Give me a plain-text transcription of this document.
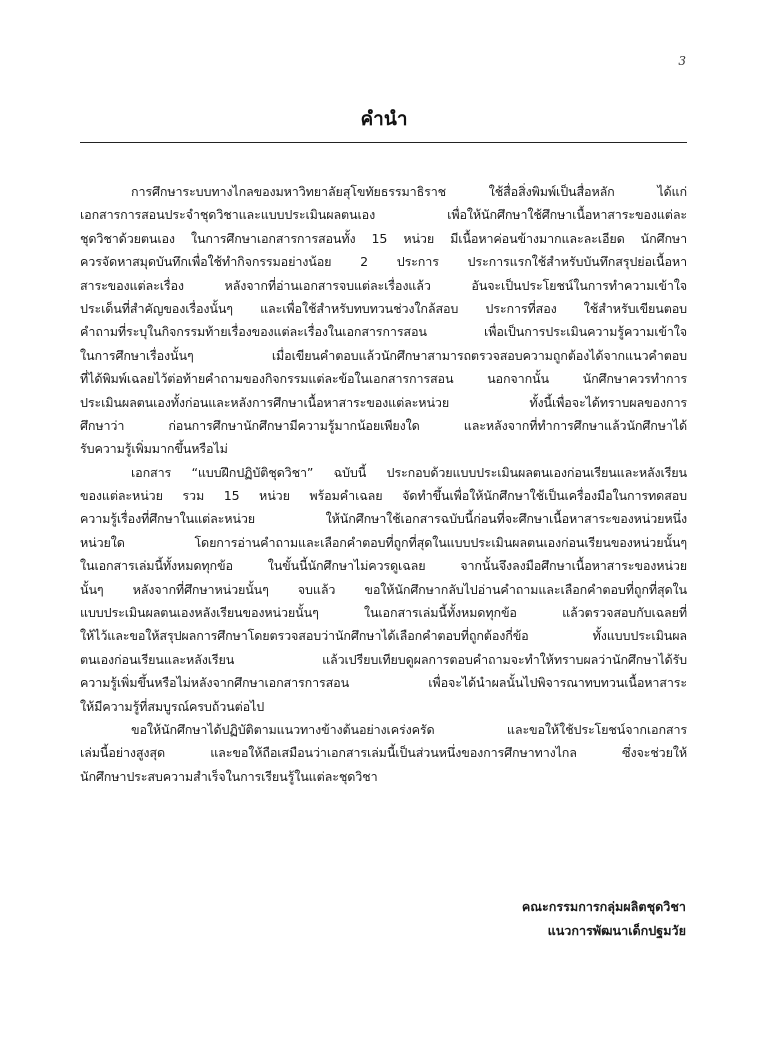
3
คำนำ
การศึกษาระบบทางไกลของมหาวิทยาลัยสุโขทัยธรรมาธิราช ใช้สื่อสิ่งพิมพ์เป็นสื่อหลัก ได้แก่
เอกสารการสอนประจำชุดวิชาและแบบประเมินผลตนเอง เพื่อให้นักศึกษาใช้ศึกษาเนื้อหาสาระของแต่ละ
ชุดวิชาด้วยตนเอง ในการศึกษาเอกสารการสอนทั้ง 15 หน่วย มีเนื้อหาค่อนข้างมากและละเอียด นักศึกษา
ควรจัดหาสมุดบันทึกเพื่อใช้ทำกิจกรรมอย่างน้อย 2 ประการ ประการแรกใช้สำหรับบันทึกสรุปย่อเนื้อหา
สาระของแต่ละเรื่อง หลังจากที่อ่านเอกสารจบแต่ละเรื่องแล้ว อันจะเป็นประโยชน์ในการทำความเข้าใจ
ประเด็นที่สำคัญของเรื่องนั้นๆ และเพื่อใช้สำหรับทบทวนช่วงใกล้สอบ ประการที่สอง ใช้สำหรับเขียนตอบ
คำถามที่ระบุในกิจกรรมท้ายเรื่องของแต่ละเรื่องในเอกสารการสอน เพื่อเป็นการประเมินความรู้ความเข้าใจ
ในการศึกษาเรื่องนั้นๆ เมื่อเขียนคำตอบแล้วนักศึกษาสามารถตรวจสอบความถูกต้องได้จากแนวคำตอบ
ที่ได้พิมพ์เฉลยไว้ต่อท้ายคำถามของกิจกรรมแต่ละข้อในเอกสารการสอน นอกจากนั้น นักศึกษาควรทำการ
ประเมินผลตนเองทั้งก่อนและหลังการศึกษาเนื้อหาสาระของแต่ละหน่วย ทั้งนี้เพื่อจะได้ทราบผลของการ
ศึกษาว่า ก่อนการศึกษานักศึกษามีความรู้มากน้อยเพียงใด และหลังจากที่ทำการศึกษาแล้วนักศึกษาได้
รับความรู้เพิ่มมากขึ้นหรือไม่
เอกสาร “แบบฝึกปฏิบัติชุดวิชา” ฉบับนี้ ประกอบด้วยแบบประเมินผลตนเองก่อนเรียนและหลังเรียน
ของแต่ละหน่วย รวม 15 หน่วย พร้อมคำเฉลย จัดทำขึ้นเพื่อให้นักศึกษาใช้เป็นเครื่องมือในการทดสอบ
ความรู้เรื่องที่ศึกษาในแต่ละหน่วย ให้นักศึกษาใช้เอกสารฉบับนี้ก่อนที่จะศึกษาเนื้อหาสาระของหน่วยหนึ่ง
หน่วยใด โดยการอ่านคำถามและเลือกคำตอบที่ถูกที่สุดในแบบประเมินผลตนเองก่อนเรียนของหน่วยนั้นๆ
ในเอกสารเล่มนี้ทั้งหมดทุกข้อ ในขั้นนี้นักศึกษาไม่ควรดูเฉลย จากนั้นจึงลงมือศึกษาเนื้อหาสาระของหน่วย
นั้นๆ หลังจากที่ศึกษาหน่วยนั้นๆ จบแล้ว ขอให้นักศึกษากลับไปอ่านคำถามและเลือกคำตอบที่ถูกที่สุดใน
แบบประเมินผลตนเองหลังเรียนของหน่วยนั้นๆ ในเอกสารเล่มนี้ทั้งหมดทุกข้อ แล้วตรวจสอบกับเฉลยที่
ให้ไว้และขอให้สรุปผลการศึกษาโดยตรวจสอบว่านักศึกษาได้เลือกคำตอบที่ถูกต้องกี่ข้อ ทั้งแบบประเมินผล
ตนเองก่อนเรียนและหลังเรียน แล้วเปรียบเทียบดูผลการตอบคำถามจะทำให้ทราบผลว่านักศึกษาได้รับ
ความรู้เพิ่มขึ้นหรือไม่หลังจากศึกษาเอกสารการสอน เพื่อจะได้นำผลนั้นไปพิจารณาทบทวนเนื้อหาสาระ
ให้มีความรู้ที่สมบูรณ์ครบถ้วนต่อไป
ขอให้นักศึกษาได้ปฏิบัติตามแนวทางข้างต้นอย่างเคร่งครัด และขอให้ใช้ประโยชน์จากเอกสาร
เล่มนี้อย่างสูงสุด และขอให้ถือเสมือนว่าเอกสารเล่มนี้เป็นส่วนหนึ่งของการศึกษาทางไกล ซึ่งจะช่วยให้
นักศึกษาประสบความสำเร็จในการเรียนรู้ในแต่ละชุดวิชา
คณะกรรมการกลุ่มผลิตชุดวิชา
แนวการพัฒนาเด็กปฐมวัย
